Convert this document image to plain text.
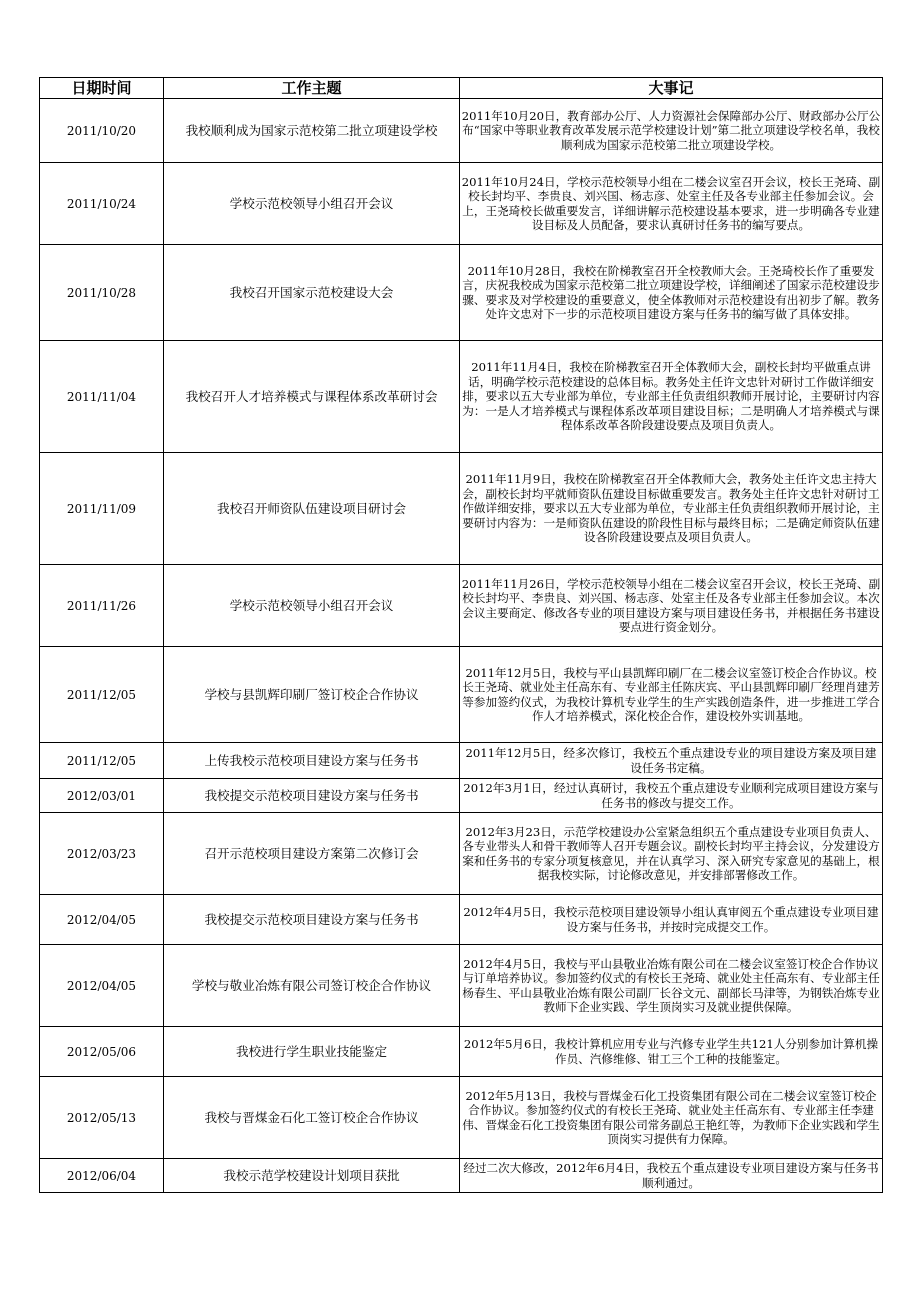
日期时间	工作主题	大事记
2011/10/20	我校顺利成为国家示范校第二批立项建设学校	2011年10月20日，教育部办公厅、人力资源社会保障部办公厅、财政部办公厅公布“国家中等职业教育改革发展示范学校建设计划”第二批立项建设学校名单，我校顺利成为国家示范校第二批立项建设学校。
2011/10/24	学校示范校领导小组召开会议	2011年10月24日，学校示范校领导小组在二楼会议室召开会议，校长王尧琦、副校长封均平、李贵良、刘兴国、杨志彦、处室主任及各专业部主任参加会议。会上，王尧琦校长做重要发言，详细讲解示范校建设基本要求，进一步明确各专业建设目标及人员配备，要求认真研讨任务书的编写要点。
2011/10/28	我校召开国家示范校建设大会	2011年10月28日，我校在阶梯教室召开全校教师大会。王尧琦校长作了重要发言，庆祝我校成为国家示范校第二批立项建设学校，详细阐述了国家示范校建设步骤、要求及对学校建设的重要意义，使全体教师对示范校建设有出初步了解。教务处许文忠对下一步的示范校项目建设方案与任务书的编写做了具体安排。
2011/11/04	我校召开人才培养模式与课程体系改革研讨会	2011年11月4日，我校在阶梯教室召开全体教师大会，副校长封均平做重点讲话，明确学校示范校建设的总体目标。教务处主任许文忠针对研讨工作做详细安排，要求以五大专业部为单位，专业部主任负责组织教师开展讨论，主要研讨内容为：一是人才培养模式与课程体系改革项目建设目标；二是明确人才培养模式与课程体系改革各阶段建设要点及项目负责人。
2011/11/09	我校召开师资队伍建设项目研讨会	2011年11月9日，我校在阶梯教室召开全体教师大会，教务处主任许文忠主持大会，副校长封均平就师资队伍建设目标做重要发言。教务处主任许文忠针对研讨工作做详细安排，要求以五大专业部为单位，专业部主任负责组织教师开展讨论，主要研讨内容为：一是师资队伍建设的阶段性目标与最终目标；二是确定师资队伍建设各阶段建设要点及项目负责人。
2011/11/26	学校示范校领导小组召开会议	2011年11月26日，学校示范校领导小组在二楼会议室召开会议，校长王尧琦、副校长封均平、李贵良、刘兴国、杨志彦、处室主任及各专业部主任参加会议。本次会议主要商定、修改各专业的项目建设方案与项目建设任务书，并根据任务书建设要点进行资金划分。
2011/12/05	学校与县凯辉印刷厂签订校企合作协议	2011年12月5日，我校与平山县凯辉印刷厂在二楼会议室签订校企合作协议。校长王尧琦、就业处主任高东有、专业部主任陈庆宾、平山县凯辉印刷厂经理肖建芳等参加签约仪式，为我校计算机专业学生的生产实践创造条件，进一步推进工学合作人才培养模式，深化校企合作，建设校外实训基地。
2011/12/05	上传我校示范校项目建设方案与任务书	2011年12月5日，经多次修订，我校五个重点建设专业的项目建设方案及项目建设任务书定稿。
2012/03/01	我校提交示范校项目建设方案与任务书	2012年3月1日，经过认真研讨，我校五个重点建设专业顺利完成项目建设方案与任务书的修改与提交工作。
2012/03/23	召开示范校项目建设方案第二次修订会	2012年3月23日，示范学校建设办公室紧急组织五个重点建设专业项目负责人、各专业带头人和骨干教师等人召开专题会议。副校长封均平主持会议，分发建设方案和任务书的专家分项复核意见，并在认真学习、深入研究专家意见的基础上，根据我校实际，讨论修改意见，并安排部署修改工作。
2012/04/05	我校提交示范校项目建设方案与任务书	2012年4月5日，我校示范校项目建设领导小组认真审阅五个重点建设专业项目建设方案与任务书，并按时完成提交工作。
2012/04/05	学校与敬业冶炼有限公司签订校企合作协议	2012年4月5日，我校与平山县敬业冶炼有限公司在二楼会议室签订校企合作协议与订单培养协议。参加签约仪式的有校长王尧琦、就业处主任高东有、专业部主任杨春生、平山县敬业冶炼有限公司副厂长谷文元、副部长马津等，为钢铁冶炼专业教师下企业实践、学生顶岗实习及就业提供保障。
2012/05/06	我校进行学生职业技能鉴定	2012年5月6日，我校计算机应用专业与汽修专业学生共121人分别参加计算机操作员、汽修维修、钳工三个工种的技能鉴定。
2012/05/13	我校与晋煤金石化工签订校企合作协议	2012年5月13日，我校与晋煤金石化工投资集团有限公司在二楼会议室签订校企合作协议。参加签约仪式的有校长王尧琦、就业处主任高东有、专业部主任李建伟、晋煤金石化工投资集团有限公司常务副总王艳红等，为教师下企业实践和学生顶岗实习提供有力保障。
2012/06/04	我校示范学校建设计划项目获批	经过二次大修改，2012年6月4日，我校五个重点建设专业项目建设方案与任务书顺利通过。
